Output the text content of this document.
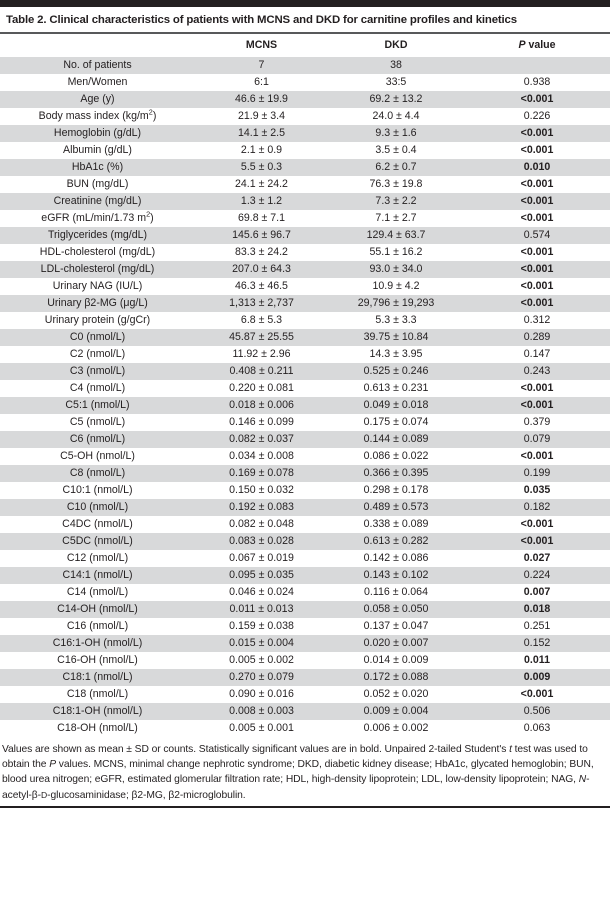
Table 2. Clinical characteristics of patients with MCNS and DKD for carnitine profiles and kinetics
	MCNS	DKD	P value
No. of patients	7	38	
Men/Women	6:1	33:5	0.938
Age (y)	46.6 ± 19.9	69.2 ± 13.2	<0.001
Body mass index $(kg/m^2)$	21.9 ± 3.4	24.0 ± 4.4	0.226
Hemoglobin (g/dL)	14.1 ± 2.5	9.3 ± 1.6	<0.001
Albumin (g/dL)	2.1 ± 0.9	3.5 ± 0.4	<0.001
HbA1c (%)	5.5 ± 0.3	6.2 ± 0.7	0.010
BUN (mg/dL)	24.1 ± 24.2	76.3 ± 19.8	<0.001
Creatinine (mg/dL)	1.3 ± 1.2	7.3 ± 2.2	<0.001
eGFR (mL/min/1.73 $m^2$)	69.8 ± 7.1	7.1 ± 2.7	<0.001
Triglycerides (mg/dL)	145.6 ± 96.7	129.4 ± 63.7	0.574
HDL-cholesterol (mg/dL)	83.3 ± 24.2	55.1 ± 16.2	<0.001
LDL-cholesterol (mg/dL)	207.0 ± 64.3	93.0 ± 34.0	<0.001
Urinary NAG (IU/L)	46.3 ± 46.5	10.9 ± 4.2	<0.001
Urinary β2-MG (μg/L)	1,313 ± 2,737	29,796 ± 19,293	<0.001
Urinary protein (g/gCr)	6.8 ± 5.3	5.3 ± 3.3	0.312
C0 (nmol/L)	45.87 ± 25.55	39.75 ± 10.84	0.289
C2 (nmol/L)	11.92 ± 2.96	14.3 ± 3.95	0.147
C3 (nmol/L)	0.408 ± 0.211	0.525 ± 0.246	0.243
C4 (nmol/L)	0.220 ± 0.081	0.613 ± 0.231	<0.001
C5:1 (nmol/L)	0.018 ± 0.006	0.049 ± 0.018	<0.001
C5 (nmol/L)	0.146 ± 0.099	0.175 ± 0.074	0.379
C6 (nmol/L)	0.082 ± 0.037	0.144 ± 0.089	0.079
C5-OH (nmol/L)	0.034 ± 0.008	0.086 ± 0.022	<0.001
C8 (nmol/L)	0.169 ± 0.078	0.366 ± 0.395	0.199
C10:1 (nmol/L)	0.150 ± 0.032	0.298 ± 0.178	0.035
C10 (nmol/L)	0.192 ± 0.083	0.489 ± 0.573	0.182
C4DC (nmol/L)	0.082 ± 0.048	0.338 ± 0.089	<0.001
C5DC (nmol/L)	0.083 ± 0.028	0.613 ± 0.282	<0.001
C12 (nmol/L)	0.067 ± 0.019	0.142 ± 0.086	0.027
C14:1 (nmol/L)	0.095 ± 0.035	0.143 ± 0.102	0.224
C14 (nmol/L)	0.046 ± 0.024	0.116 ± 0.064	0.007
C14-OH (nmol/L)	0.011 ± 0.013	0.058 ± 0.050	0.018
C16 (nmol/L)	0.159 ± 0.038	0.137 ± 0.047	0.251
C16:1-OH (nmol/L)	0.015 ± 0.004	0.020 ± 0.007	0.152
C16-OH (nmol/L)	0.005 ± 0.002	0.014 ± 0.009	0.011
C18:1 (nmol/L)	0.270 ± 0.079	0.172 ± 0.088	0.009
C18 (nmol/L)	0.090 ± 0.016	0.052 ± 0.020	<0.001
C18:1-OH (nmol/L)	0.008 ± 0.003	0.009 ± 0.004	0.506
C18-OH (nmol/L)	0.005 ± 0.001	0.006 ± 0.002	0.063
Values are shown as mean ± SD or counts. Statistically significant values are in bold. Unpaired 2-tailed Student's t test was used to obtain the P values. MCNS, minimal change nephrotic syndrome; DKD, diabetic kidney disease; HbA1c, glycated hemoglobin; BUN, blood urea nitrogen; eGFR, estimated glomerular filtration rate; HDL, high-density lipoprotein; LDL, low-density lipoprotein; NAG, N-acetyl-β-D-glucosaminidase; β2-MG, β2-microglobulin.
